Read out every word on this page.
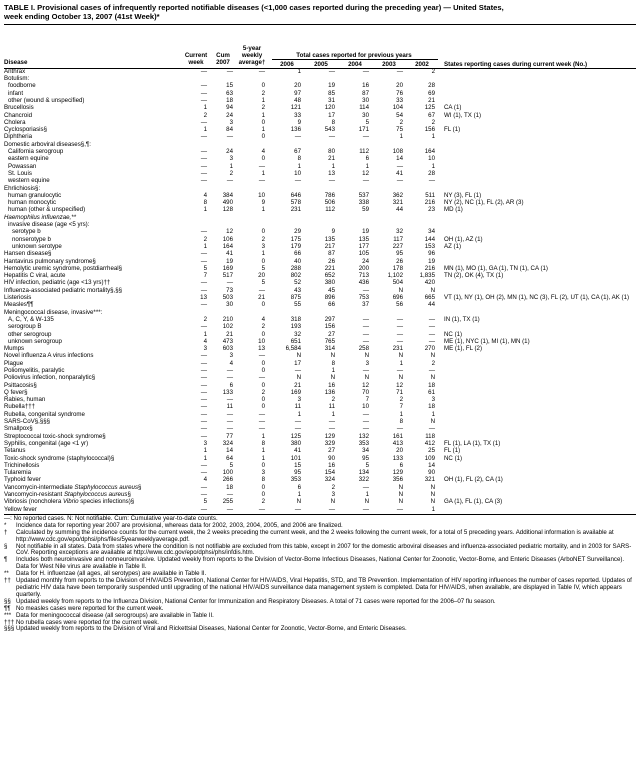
TABLE I. Provisional cases of infrequently reported notifiable diseases (<1,000 cases reported during the preceding year) — United States,
week ending October 13, 2007 (41st Week)*
Disease
Current
week
Cum
2007
5-year
weekly
average†
Total cases reported for previous years
2006	2005	2004	2003	2002	States reporting cases during current week (No.)
Anthrax	—	—	—	1	—	—	—	2	
Botulism:									
foodborne	—	15	0	20	19	16	20	28	
infant	—	63	2	97	85	87	76	69	
other (wound & unspecified)	—	18	1	48	31	30	33	21	
Brucellosis	1	94	2	121	120	114	104	125	CA (1)
Chancroid	2	24	1	33	17	30	54	67	WI (1), TX (1)
Cholera	—	3	0	9	8	5	2	2	
Cyclosporiasis§	1	84	1	136	543	171	75	156	FL (1)
Diphtheria	—	—	0	—	—	—	1	1	
Domestic arboviral diseases§,¶:									
California serogroup	—	24	4	67	80	112	108	164	
eastern equine	—	3	0	8	21	6	14	10	
Powassan	—	1	—	1	1	1	—	1	
St. Louis	—	2	1	10	13	12	41	28	
western equine	—	—	—	—	—	—	—	—	
Ehrlichiosis§:									
human granulocytic	4	384	10	646	786	537	362	511	NY (3), FL (1)
human monocytic	8	490	9	578	506	338	321	216	NY (2), NC (1), FL (2), AR (3)
human (other & unspecified)	1	128	1	231	112	59	44	23	MD (1)
Haemophilus influenzae,**									
invasive disease (age <5 yrs):									
serotype b	—	12	0	29	9	19	32	34	
nonserotype b	2	106	2	175	135	135	117	144	OH (1), AZ (1)
unknown serotype	1	164	3	179	217	177	227	153	AZ (1)
Hansen disease§	—	41	1	66	87	105	95	96	
Hantavirus pulmonary syndrome§	—	19	0	40	26	24	26	19	
Hemolytic uremic syndrome, postdiarrheal§	5	169	5	288	221	200	178	216	MN (1), MO (1), GA (1), TN (1), CA (1)
Hepatitis C viral, acute	7	517	20	802	652	713	1,102	1,835	TN (2), OK (4), TX (1)
HIV infection, pediatric (age <13 yrs)††	—	—	5	52	380	436	504	420	
Influenza-associated pediatric mortality§,§§	—	73	—	43	45	—	N	N	
Listeriosis	13	503	21	875	896	753	696	665	VT (1), NY (1), OH (2), MN (1), NC (3), FL (2), UT (1), CA (1), AK (1)
Measles¶¶	—	30	0	55	66	37	56	44	
Meningococcal disease, invasive***:									
A, C, Y, & W-135	2	210	4	318	297	—	—	—	IN (1), TX (1)
serogroup B	—	102	2	193	156	—	—	—	
other serogroup	1	21	0	32	27	—	—	—	NC (1)
unknown serogroup	4	473	10	651	765	—	—	—	ME (1), NYC (1), MI (1), MN (1)
Mumps	3	603	13	6,584	314	258	231	270	ME (1), FL (2)
Novel influenza A virus infections	—	3	—	N	N	N	N	N	
Plague	—	4	0	17	8	3	1	2	
Poliomyelitis, paralytic	—	—	0	—	1	—	—	—	
Poliovirus infection, nonparalytic§	—	—	—	N	N	N	N	N	
Psittacosis§	—	6	0	21	16	12	12	18	
Q fever§	—	133	2	169	136	70	71	61	
Rabies, human	—	—	0	3	2	7	2	3	
Rubella†††	—	11	0	11	11	10	7	18	
Rubella, congenital syndrome	—	—	—	1	1	—	1	1	
SARS-CoV§,§§§	—	—	—	—	—	—	8	N	
Smallpox§	—	—	—	—	—	—	—	—	
Streptococcal toxic-shock syndrome§	—	77	1	125	129	132	161	118	
Syphilis, congenital (age <1 yr)	3	324	8	380	329	353	413	412	FL (1), LA (1), TX (1)
Tetanus	1	14	1	41	27	34	20	25	FL (1)
Toxic-shock syndrome (staphylococcal)§	1	64	1	101	90	95	133	109	NC (1)
Trichinellosis	—	5	0	15	16	5	6	14	
Tularemia	—	100	3	95	154	134	129	90	
Typhoid fever	4	266	8	353	324	322	356	321	OH (1), FL (2), CA (1)
Vancomycin-intermediate Staphylococcus aureus§	—	18	0	6	2	—	N	N	
Vancomycin-resistant Staphylococcus aureus§	—	—	0	1	3	1	N	N	
Vibriosis (noncholera Vibrio species infections)§	5	255	2	N	N	N	N	N	GA (1), FL (1), CA (3)
Yellow fever	—	—	—	—	—	—	—	1	
—: No reported cases. N: Not notifiable. Cum: Cumulative year-to-date counts.
*	Incidence data for reporting year 2007 are provisional, whereas data for 2002, 2003, 2004, 2005, and 2006 are finalized.
†	Calculated by summing the incidence counts for the current week, the 2 weeks preceding the current week, and the 2 weeks following the current week, for a total of 5 preceding years. Additional information is available at http://www.cdc.gov/epo/dphsi/phs/files/5yearweeklyaverage.pdf.
§	Not notifiable in all states. Data from states where the condition is not notifiable are excluded from this table, except in 2007 for the domestic arboviral diseases and influenza-associated pediatric mortality, and in 2003 for SARS-CoV. Reporting exceptions are available at http://www.cdc.gov/epo/dphsi/phs/infdis.htm.
¶	Includes both neuroinvasive and nonneuroinvasive. Updated weekly from reports to the Division of Vector-Borne Infectious Diseases, National Center for Zoonotic, Vector-Borne, and Enteric Diseases (ArboNET Surveillance). Data for West Nile virus are available in Table II.
**	Data for H. influenzae (all ages, all serotypes) are available in Table II.
†† Updated monthly from reports to the Division of HIV/AIDS Prevention, National Center for HIV/AIDS, Viral Hepatitis, STD, and TB Prevention. Implementation of HIV reporting influences the number of cases reported. Updates of pediatric HIV data have been temporarily suspended until upgrading of the national HIV/AIDS surveillance data management system is completed. Data for HIV/AIDS, when available, are displayed in Table IV, which appears quarterly.
§§ Updated weekly from reports to the Influenza Division, National Center for Immunization and Respiratory Diseases. A total of 71 cases were reported for the 2006–07 flu season.
¶¶ No measles cases were reported for the current week.
*** Data for meningococcal disease (all serogroups) are available in Table II.
††† No rubella cases were reported for the current week.
§§§ Updated weekly from reports to the Division of Viral and Rickettsial Diseases, National Center for Zoonotic, Vector-Borne, and Enteric Diseases.
